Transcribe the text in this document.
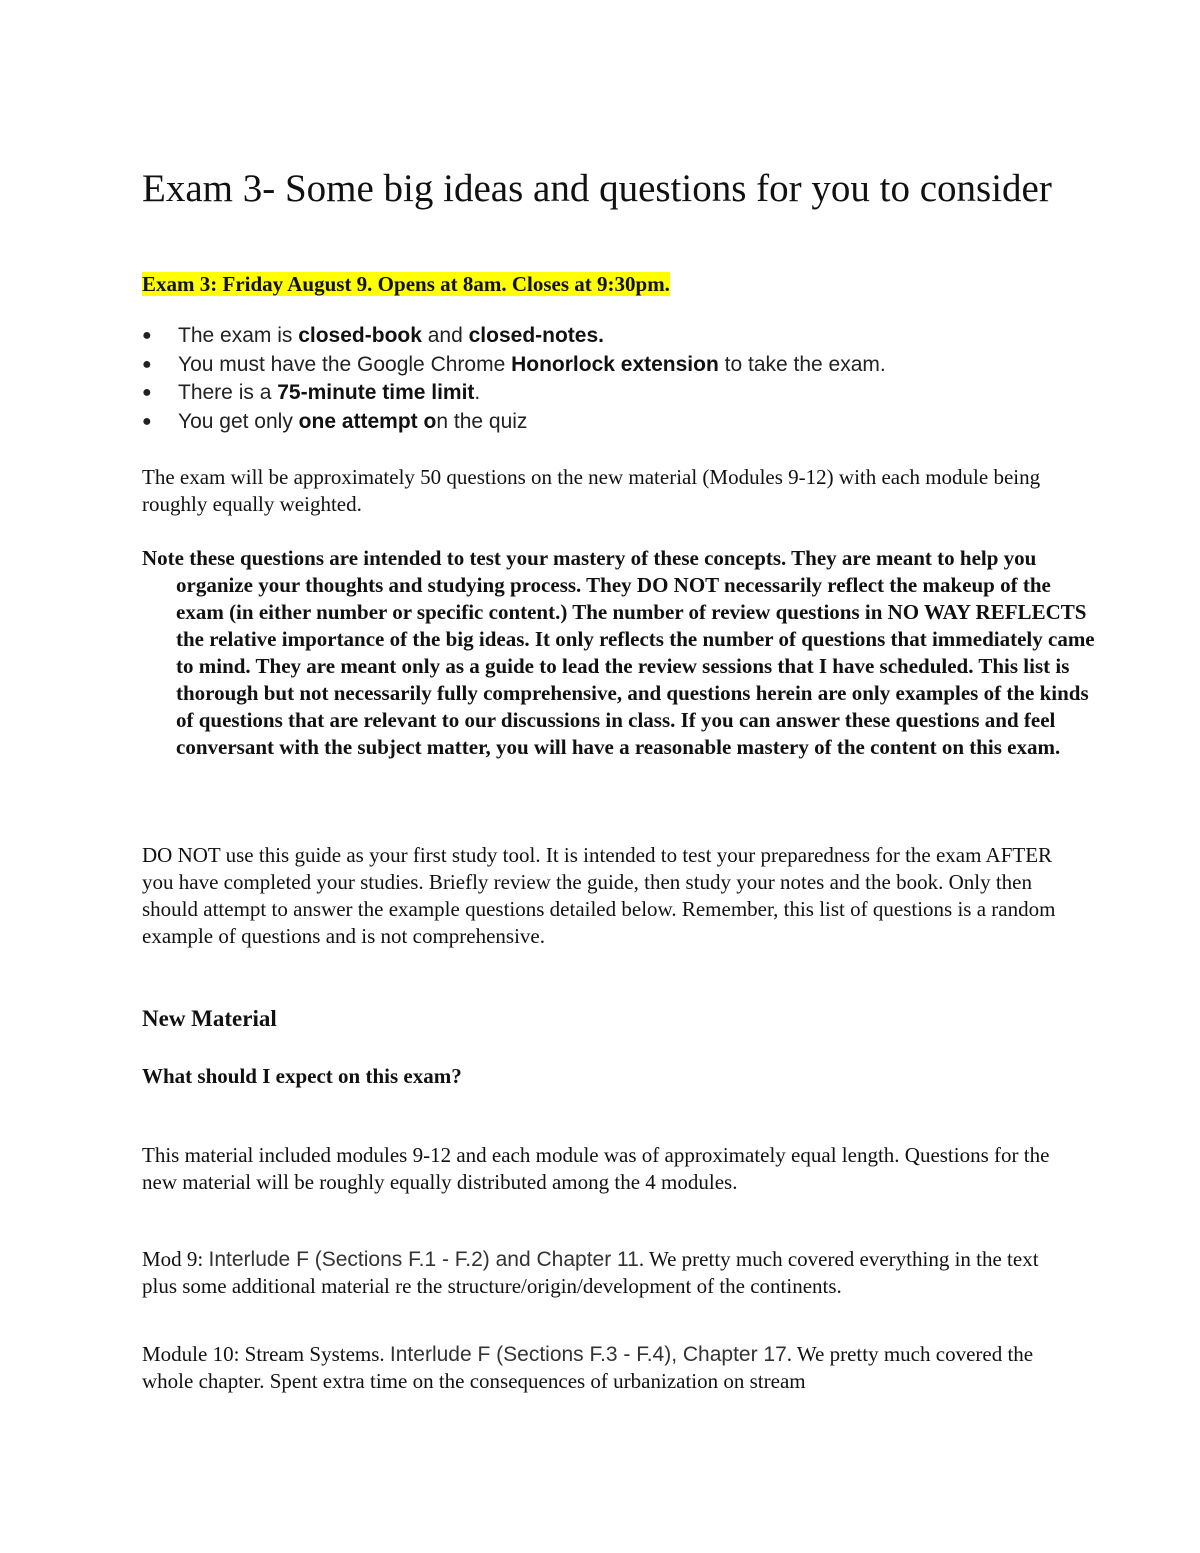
Exam 3- Some big ideas and questions for you to consider
Exam 3: Friday August 9. Opens at 8am. Closes at 9:30pm.
● The exam is closed-book and closed-notes.
● You must have the Google Chrome Honorlock extension to take the exam.
● There is a 75-minute time limit.
● You get only one attempt on the quiz

The exam will be approximately 50 questions on the new material (Modules 9-12) with each module being roughly equally weighted.

Note these questions are intended to test your mastery of these concepts. They are meant to help you organize your thoughts and studying process. They DO NOT necessarily reflect the makeup of the exam (in either number or specific content.) The number of review questions in NO WAY REFLECTS the relative importance of the big ideas. It only reflects the number of questions that immediately came to mind. They are meant only as a guide to lead the review sessions that I have scheduled. This list is thorough but not necessarily fully comprehensive, and questions herein are only examples of the kinds of questions that are relevant to our discussions in class. If you can answer these questions and feel conversant with the subject matter, you will have a reasonable mastery of the content on this exam.

DO NOT use this guide as your first study tool. It is intended to test your preparedness for the exam AFTER you have completed your studies. Briefly review the guide, then study your notes and the book. Only then should attempt to answer the example questions detailed below. Remember, this list of questions is a random example of questions and is not comprehensive.

New Material
What should I expect on this exam?

This material included modules 9-12 and each module was of approximately equal length. Questions for the new material will be roughly equally distributed among the 4 modules.

Mod 9: Interlude F (Sections F.1 - F.2) and Chapter 11. We pretty much covered everything in the text plus some additional material re the structure/origin/development of the continents.

Module 10: Stream Systems. Interlude F (Sections F.3 - F.4), Chapter 17. We pretty much covered the whole chapter. Spent extra time on the consequences of urbanization on stream
